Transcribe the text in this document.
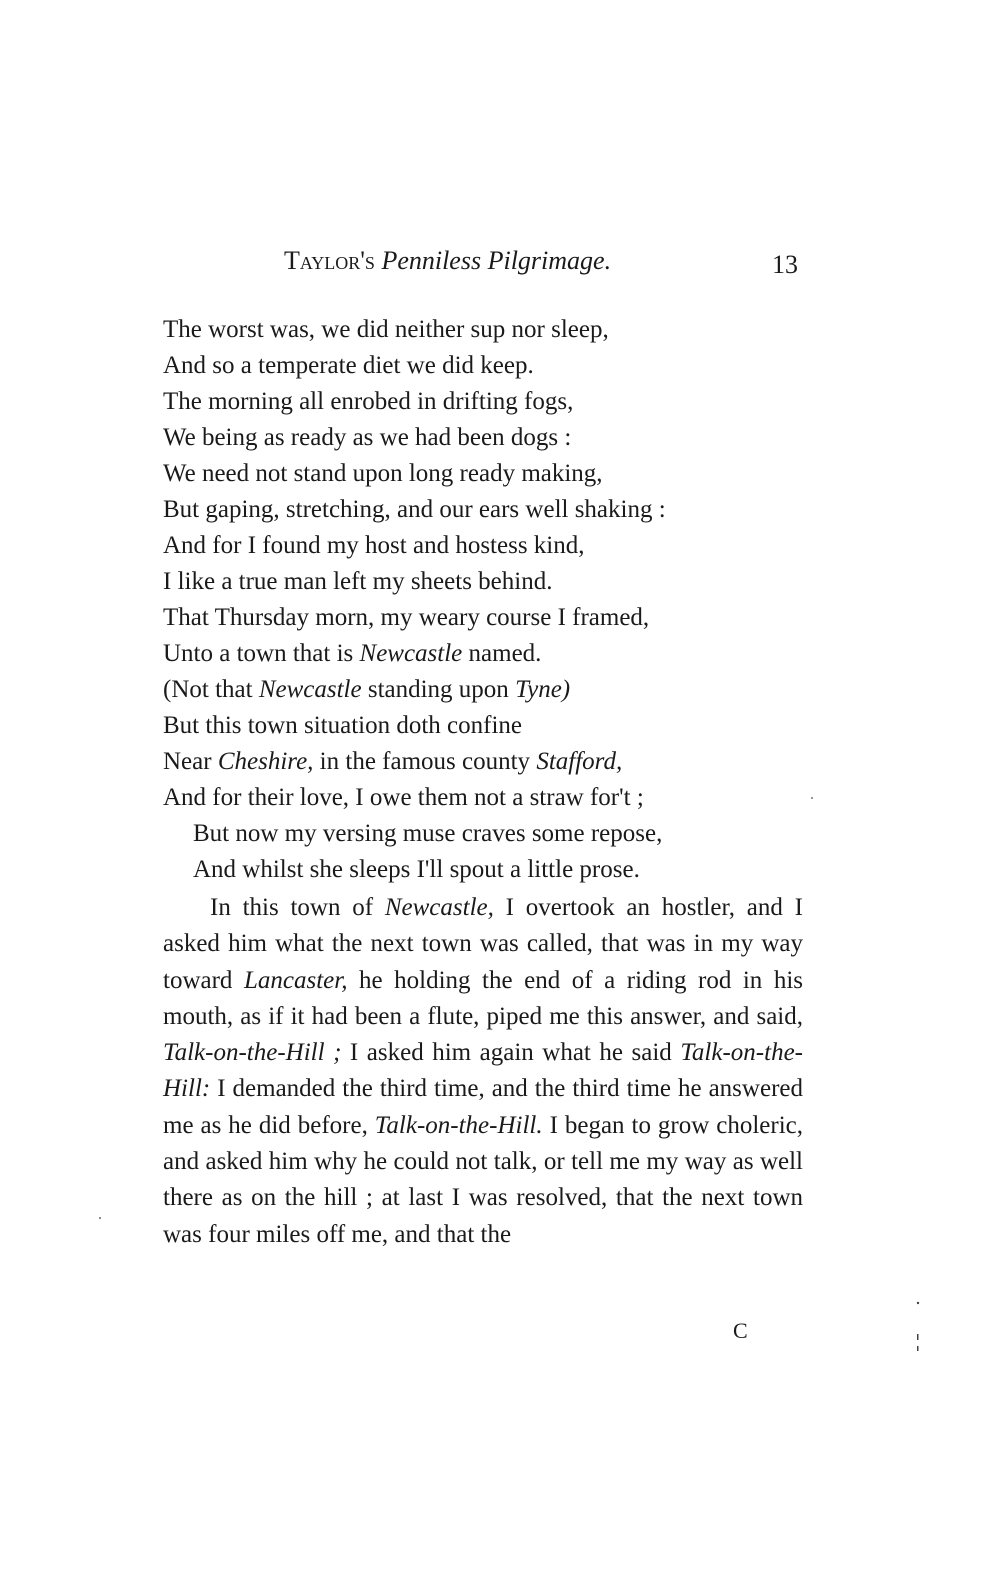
Taylor's Penniless Pilgrimage.	13
The worst was, we did neither sup nor sleep,
And so a temperate diet we did keep.
The morning all enrobed in drifting fogs,
We being as ready as we had been dogs :
We need not stand upon long ready making,
But gaping, stretching, and our ears well shaking :
And for I found my host and hostess kind,
I like a true man left my sheets behind.
That Thursday morn, my weary course I framed,
Unto a town that is Newcastle named.
(Not that Newcastle standing upon Tyne)
But this town situation doth confine
Near Cheshire, in the famous county Stafford,
And for their love, I owe them not a straw for't ;
But now my versing muse craves some repose,
And whilst she sleeps I'll spout a little prose.

In this town of Newcastle, I overtook an hostler, and I asked him what the next town was called, that was in my way toward Lancaster, he holding the end of a riding rod in his mouth, as if it had been a flute, piped me this answer, and said, Talk-on-the-Hill ; I asked him again what he said Talk-on-the-Hill: I demanded the third time, and the third time he answered me as he did before, Talk-on-the-Hill. I began to grow choleric, and asked him why he could not talk, or tell me my way as well there as on the hill ; at last I was resolved, that the next town was four miles off me, and that the

C
